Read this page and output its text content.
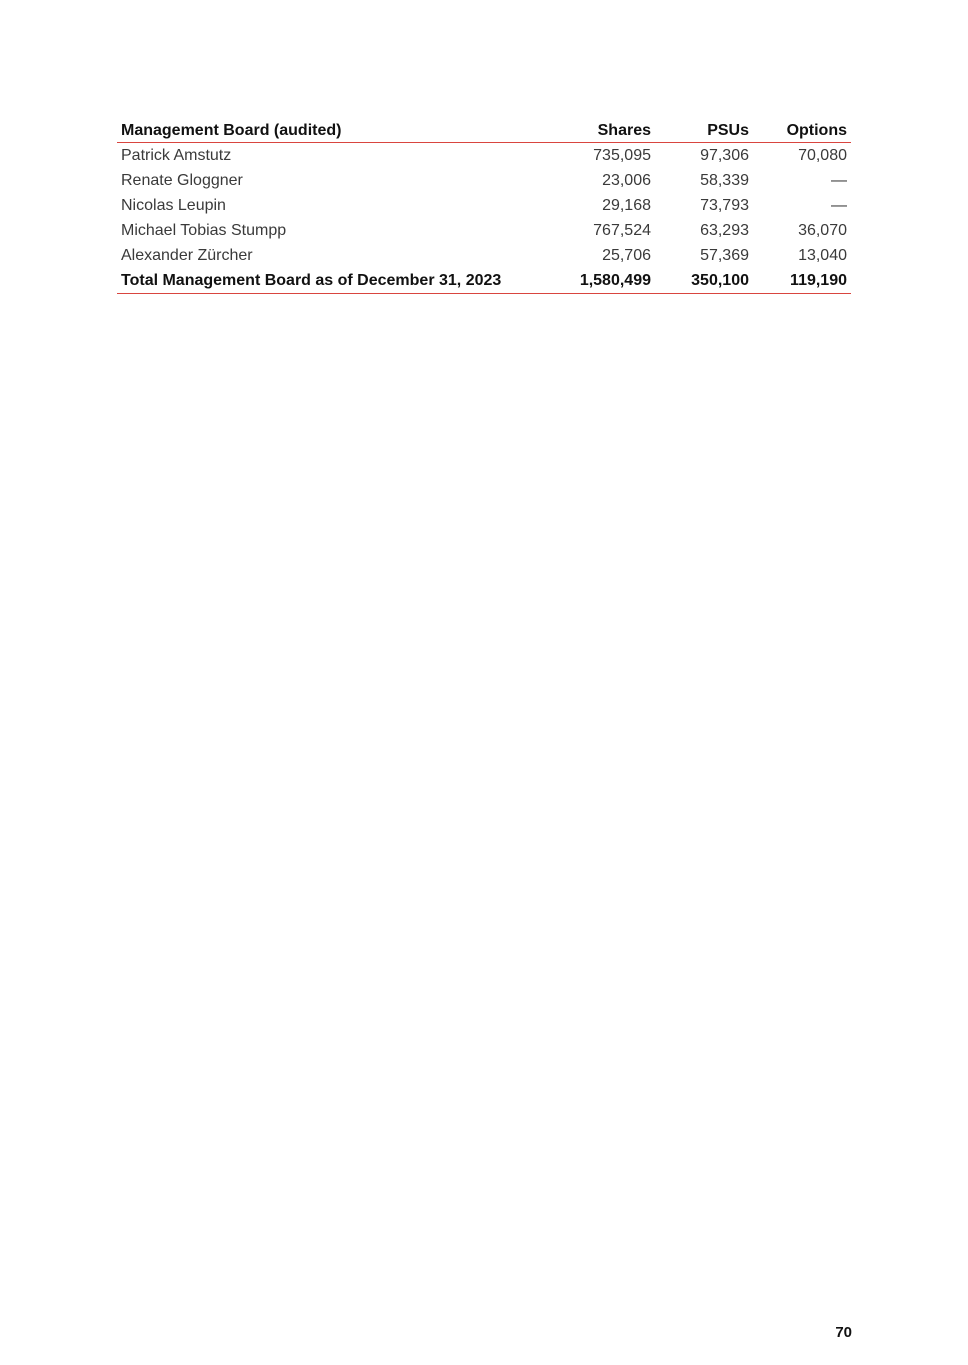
Management Board (audited)	Shares	PSUs	Options
Patrick Amstutz	735,095	97,306	70,080
Renate Gloggner	23,006	58,339	—
Nicolas Leupin	29,168	73,793	—
Michael Tobias Stumpp	767,524	63,293	36,070
Alexander Zürcher	25,706	57,369	13,040
Total Management Board as of December 31, 2023	1,580,499	350,100	119,190
70
